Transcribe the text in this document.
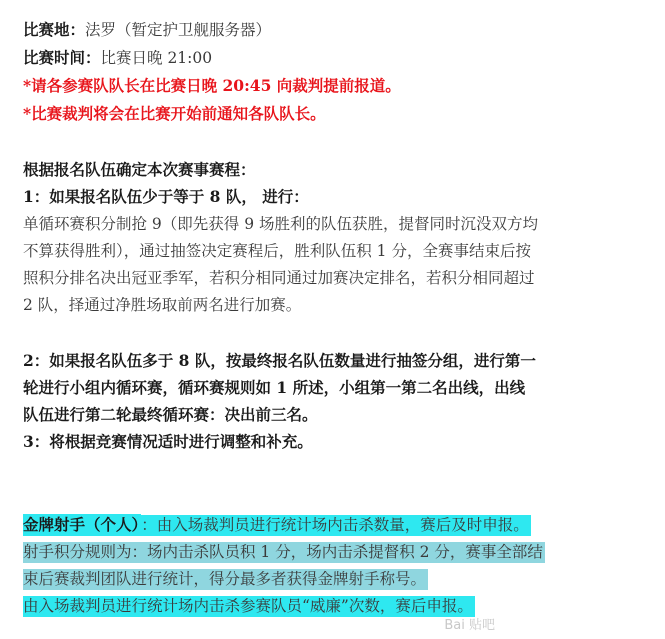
比赛地：法罗（暂定护卫舰服务器）
比赛时间：比赛日晚 21:00
*请各参赛队队长在比赛日晚 20:45 向裁判提前报道。
*比赛裁判将会在比赛开始前通知各队队长。
根据报名队伍确定本次赛事赛程：
1：如果报名队伍少于等于 8 队， 进行：
单循环赛积分制抢 9（即先获得 9 场胜利的队伍获胜，提督同时沉没双方均
不算获得胜利），通过抽签决定赛程后，胜利队伍积 1 分，全赛事结束后按
照积分排名决出冠亚季军，若积分相同通过加赛决定排名，若积分相同超过
2 队，择通过净胜场取前两名进行加赛。
2：如果报名队伍多于 8 队，按最终报名队伍数量进行抽签分组，进行第一
轮进行小组内循环赛，循环赛规则如 1 所述，小组第一第二名出线，出线
队伍进行第二轮最终循环赛：决出前三名。
3：将根据竞赛情况适时进行调整和补充。
金牌射手（个人） ：由入场裁判员进行统计场内击杀数量，赛后及时申报。
射手积分规则为：场内击杀队员积 1 分，场内击杀提督积 2 分，赛事全部结
束后赛裁判团队进行统计，得分最多者获得金牌射手称号。
由入场裁判员进行统计场内击杀参赛队员“威廉”次数，赛后申报。
Bai 贴吧
